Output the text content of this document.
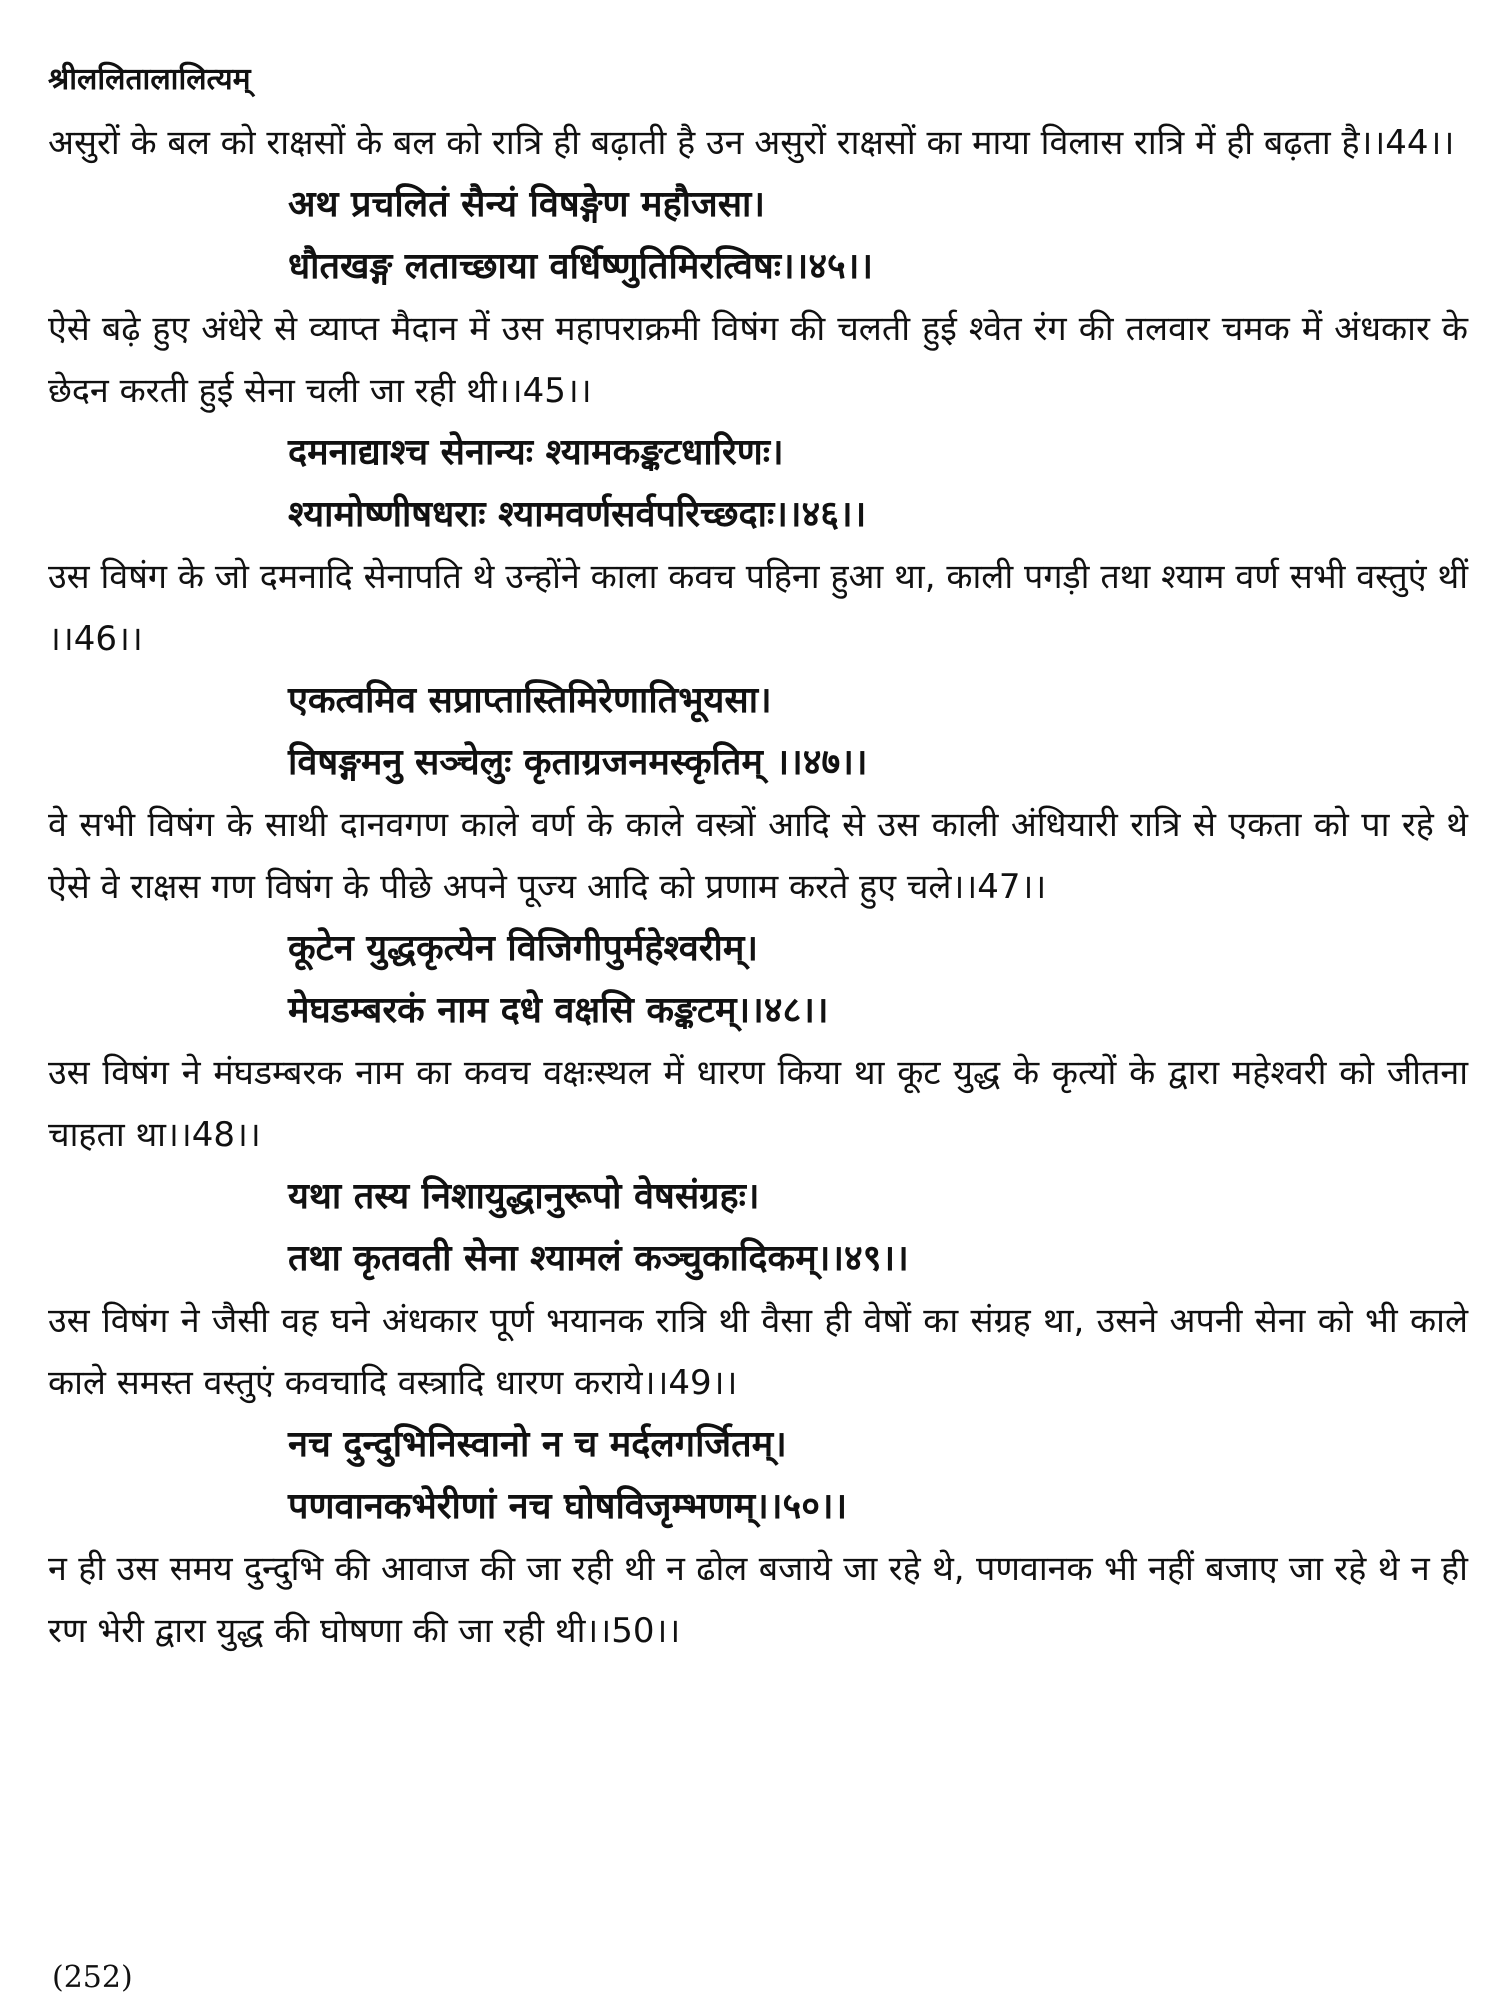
श्रीललितालालित्यम्

असुरों के बल को राक्षसों के बल को रात्रि ही बढ़ाती है उन असुरों राक्षसों का माया विलास रात्रि में ही बढ़ता है।।44।।

अथ प्रचलितं सैन्यं विषङ्गेण महौजसा।

धौतखङ्ग लताच्छाया वर्धिष्णुतिमिरत्विषः।।४५।।

ऐसे बढ़े हुए अंधेरे से व्याप्त मैदान में उस महापराक्रमी विषंग की चलती हुई श्वेत रंग की तलवार चमक में अंधकार के छेदन करती हुई सेना चली जा रही थी।।45।।

दमनाद्याश्च सेनान्यः श्यामकङ्कटधारिणः।

श्यामोष्णीषधराः श्यामवर्णसर्वपरिच्छदाः।।४६।।

उस विषंग के जो दमनादि सेनापति थे उन्होंने काला कवच पहिना हुआ था, काली पगड़ी तथा श्याम वर्ण सभी वस्तुएं थीं ।।46।।

एकत्वमिव सप्राप्तास्तिमिरेणातिभूयसा।

विषङ्गमनु सञ्चेलुः कृताग्रजनमस्कृतिम् ।।४७।।

वे सभी विषंग के साथी दानवगण काले वर्ण के काले वस्त्रों आदि से उस काली अंधियारी रात्रि से एकता को पा रहे थे ऐसे वे राक्षस गण विषंग के पीछे अपने पूज्य आदि को प्रणाम करते हुए चले।।47।।

कूटेन युद्धकृत्येन विजिगीपुर्महेश्वरीम्।

मेघडम्बरकं नाम दधे वक्षसि कङ्कटम्।।४८।।

उस विषंग ने मंघडम्बरक नाम का कवच वक्षःस्थल में धारण किया था कूट युद्ध के कृत्यों के द्वारा महेश्वरी को जीतना चाहता था।।48।।

यथा तस्य निशायुद्धानुरूपो वेषसंग्रहः।

तथा कृतवती सेना श्यामलं कञ्चुकादिकम्।।४९।।

उस विषंग ने जैसी वह घने अंधकार पूर्ण भयानक रात्रि थी वैसा ही वेषों का संग्रह था, उसने अपनी सेना को भी काले काले समस्त वस्तुएं कवचादि वस्त्रादि धारण कराये।।49।।

नच दुन्दुभिनिस्वानो न च मर्दलगर्जितम्।

पणवानकभेरीणां नच घोषविजृम्भणम्।।५०।।

न ही उस समय दुन्दुभि की आवाज की जा रही थी न ढोल बजाये जा रहे थे, पणवानक भी नहीं बजाए जा रहे थे न ही रण भेरी द्वारा युद्ध की घोषणा की जा रही थी।।50।।

(252)
